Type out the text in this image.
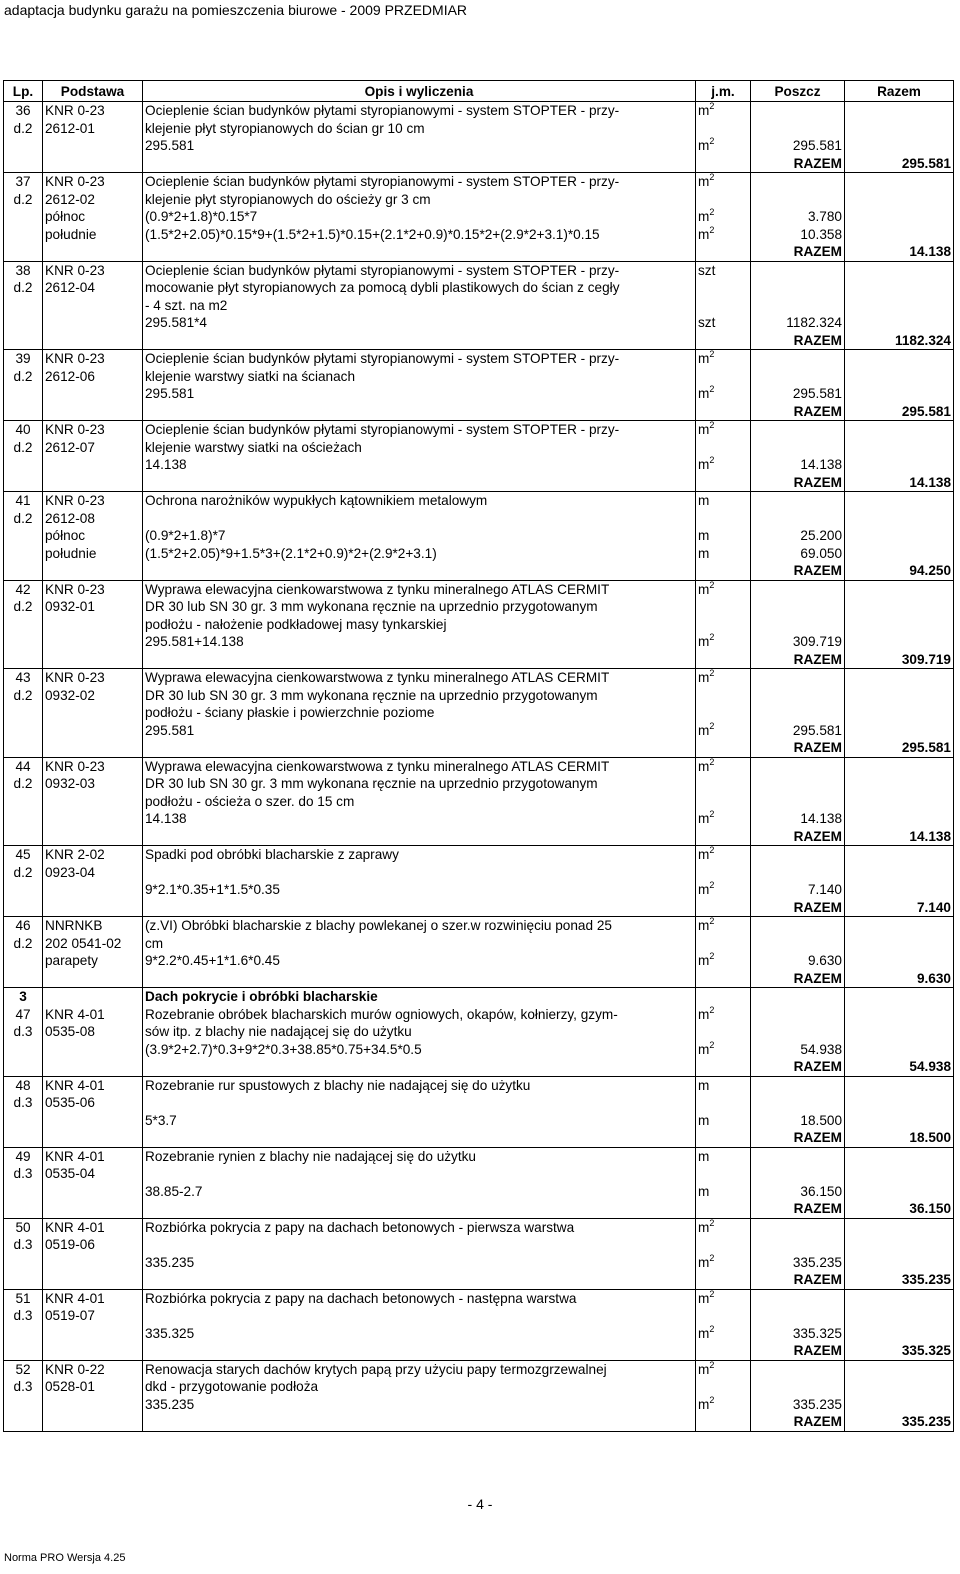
adaptacja budynku garażu na pomieszczenia biurowe - 2009 PRZEDMIAR
Lp.	Podstawa	Opis i wyliczenia	j.m.	Poszcz	Razem
36	KNR 0-23	Ocieplenie ścian budynków płytami styropianowymi - system STOPTER - przy-	$m^2$		
d.2	2612-01	klejenie płyt styropianowych do ścian gr 10 cm			
		295.581	$m^2$	295.581	
				RAZEM	295.581
37	KNR 0-23	Ocieplenie ścian budynków płytami styropianowymi - system STOPTER - przy-	$m^2$		
d.2	2612-02	klejenie płyt styropianowych do ościeży gr 3 cm			
	północ	(0.9*2+1.8)*0.15*7	$m^2$	3.780	
	południe	(1.5*2+2.05)*0.15*9+(1.5*2+1.5)*0.15+(2.1*2+0.9)*0.15*2+(2.9*2+3.1)*0.15	$m^2$	10.358	
				RAZEM	14.138
38	KNR 0-23	Ocieplenie ścian budynków płytami styropianowymi - system STOPTER - przy-	szt		
d.2	2612-04	mocowanie płyt styropianowych za pomocą dybli plastikowych do ścian z cegły			
		- 4 szt. na m2			
		295.581*4	szt	1182.324	
				RAZEM	1182.324
39	KNR 0-23	Ocieplenie ścian budynków płytami styropianowymi - system STOPTER - przy-	$m^2$		
d.2	2612-06	klejenie warstwy siatki na ścianach			
		295.581	$m^2$	295.581	
				RAZEM	295.581
40	KNR 0-23	Ocieplenie ścian budynków płytami styropianowymi - system STOPTER - przy-	$m^2$		
d.2	2612-07	klejenie warstwy siatki na ościeżach			
		14.138	$m^2$	14.138	
				RAZEM	14.138
41	KNR 0-23	Ochrona narożników wypukłych kątownikiem metalowym	m		
d.2	2612-08				
	północ	(0.9*2+1.8)*7	m	25.200	
	południe	(1.5*2+2.05)*9+1.5*3+(2.1*2+0.9)*2+(2.9*2+3.1)	m	69.050	
				RAZEM	94.250
42	KNR 0-23	Wyprawa elewacyjna cienkowarstwowa z tynku mineralnego ATLAS CERMIT	$m^2$		
d.2	0932-01	DR 30 lub SN 30 gr. 3 mm wykonana ręcznie na uprzednio przygotowanym			
		podłożu - nałożenie podkładowej masy tynkarskiej			
		295.581+14.138	$m^2$	309.719	
				RAZEM	309.719
43	KNR 0-23	Wyprawa elewacyjna cienkowarstwowa z tynku mineralnego ATLAS CERMIT	$m^2$		
d.2	0932-02	DR 30 lub SN 30 gr. 3 mm wykonana ręcznie na uprzednio przygotowanym			
		podłożu - ściany płaskie i powierzchnie poziome			
		295.581	$m^2$	295.581	
				RAZEM	295.581
44	KNR 0-23	Wyprawa elewacyjna cienkowarstwowa z tynku mineralnego ATLAS CERMIT	$m^2$		
d.2	0932-03	DR 30 lub SN 30 gr. 3 mm wykonana ręcznie na uprzednio przygotowanym			
		podłożu - ościeża o szer. do 15 cm			
		14.138	$m^2$	14.138	
				RAZEM	14.138
45	KNR 2-02	Spadki pod obróbki blacharskie z zaprawy	$m^2$		
d.2	0923-04				
		9*2.1*0.35+1*1.5*0.35	$m^2$	7.140	
				RAZEM	7.140
46	NNRNKB	(z.VI) Obróbki blacharskie z blachy powlekanej o szer.w rozwinięciu ponad 25	$m^2$		
d.2	202 0541-02	cm			
	parapety	9*2.2*0.45+1*1.6*0.45	$m^2$	9.630	
				RAZEM	9.630
3		Dach pokrycie i obróbki blacharskie			
47	KNR 4-01	Rozebranie obróbek blacharskich murów ogniowych, okapów, kołnierzy, gzym-	$m^2$		
d.3	0535-08	sów itp. z blachy nie nadającej się do użytku			
		(3.9*2+2.7)*0.3+9*2*0.3+38.85*0.75+34.5*0.5	$m^2$	54.938	
				RAZEM	54.938
48	KNR 4-01	Rozebranie rur spustowych z blachy nie nadającej się do użytku	m		
d.3	0535-06				
		5*3.7	m	18.500	
				RAZEM	18.500
49	KNR 4-01	Rozebranie rynien z blachy nie nadającej się do użytku	m		
d.3	0535-04				
		38.85-2.7	m	36.150	
				RAZEM	36.150
50	KNR 4-01	Rozbiórka pokrycia z papy na dachach betonowych - pierwsza warstwa	$m^2$		
d.3	0519-06				
		335.235	$m^2$	335.235	
				RAZEM	335.235
51	KNR 4-01	Rozbiórka pokrycia z papy na dachach betonowych - następna warstwa	$m^2$		
d.3	0519-07				
		335.325	$m^2$	335.325	
				RAZEM	335.325
52	KNR 0-22	Renowacja starych dachów krytych papą przy użyciu papy termozgrzewalnej	$m^2$		
d.3	0528-01	dkd - przygotowanie podłoża			
		335.235	$m^2$	335.235	
				RAZEM	335.235
- 4 -
Norma PRO Wersja 4.25
